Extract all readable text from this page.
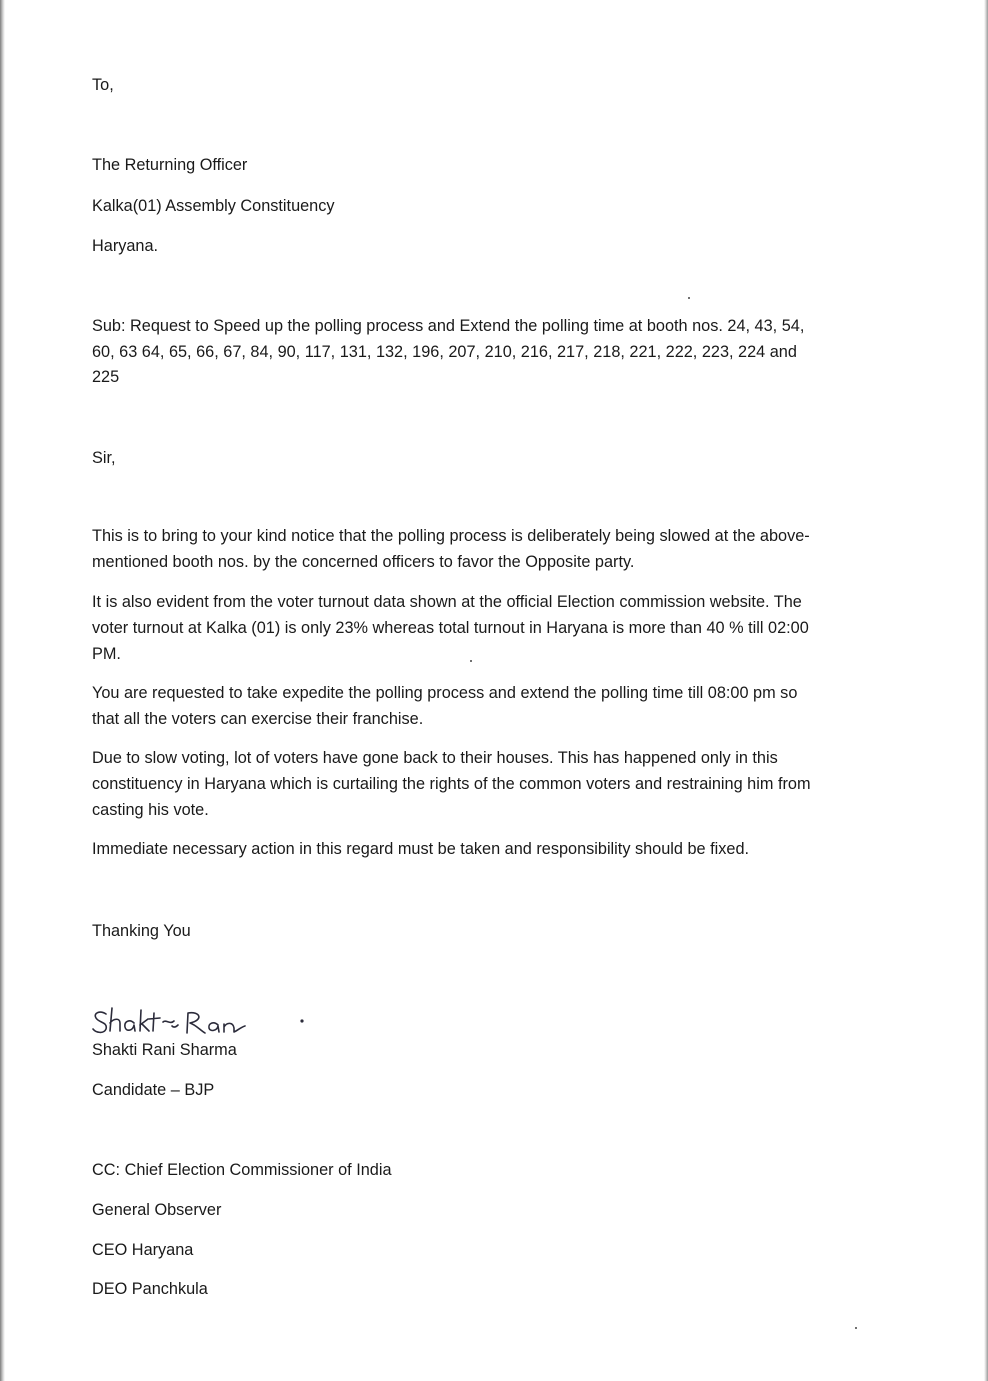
To,

The Returning Officer

Kalka(01) Assembly Constituency

Haryana.

Sub: Request to Speed up the polling process and Extend the polling time at booth nos. 24, 43, 54,

60, 63 64, 65, 66, 67, 84, 90, 117, 131, 132, 196, 207, 210, 216, 217, 218, 221, 222, 223, 224 and

225

Sir,

This is to bring to your kind notice that the polling process is deliberately being slowed at the above-

mentioned booth nos. by the concerned officers to favor the Opposite party.

It is also evident from the voter turnout data shown at the official Election commission website. The

voter turnout at Kalka (01) is only 23% whereas total turnout in Haryana is more than 40 % till 02:00

PM.

You are requested to take expedite the polling process and extend the polling time till 08:00 pm so

that all the voters can exercise their franchise.

Due to slow voting, lot of voters have gone back to their houses. This has happened only in this

constituency in Haryana which is curtailing the rights of the common voters and restraining him from

casting his vote.

Immediate necessary action in this regard must be taken and responsibility should be fixed.

Thanking You

Shakti Rani Sharma

Candidate – BJP

CC: Chief Election Commissioner of India

General Observer

CEO Haryana

DEO Panchkula
